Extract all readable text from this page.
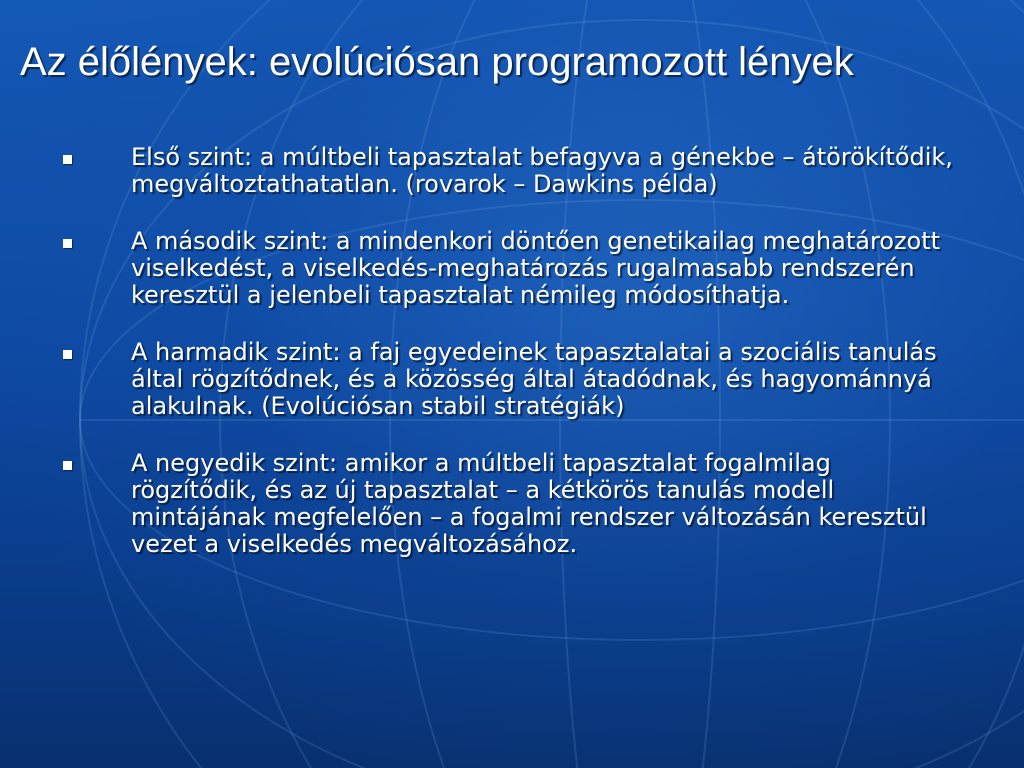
Az élőlények: evolúciósan programozott lények
Első szint: a múltbeli tapasztalat befagyva a génekbe – átörökítődik, megváltoztathatatlan. (rovarok – Dawkins példa)
A második szint: a mindenkori döntően genetikailag meghatározott viselkedést, a viselkedés-meghatározás rugalmasabb rendszerén keresztül a jelenbeli tapasztalat némileg módosíthatja.
A harmadik szint: a faj egyedeinek tapasztalatai a szociális tanulás által rögzítődnek, és a közösség által átadódnak, és hagyománnyá alakulnak. (Evolúciósan stabil stratégiák)
A negyedik szint: amikor a múltbeli tapasztalat fogalmilag rögzítődik, és az új tapasztalat – a kétkörös tanulás modell mintájának megfelelően – a fogalmi rendszer változásán keresztül vezet a viselkedés megváltozásához.
